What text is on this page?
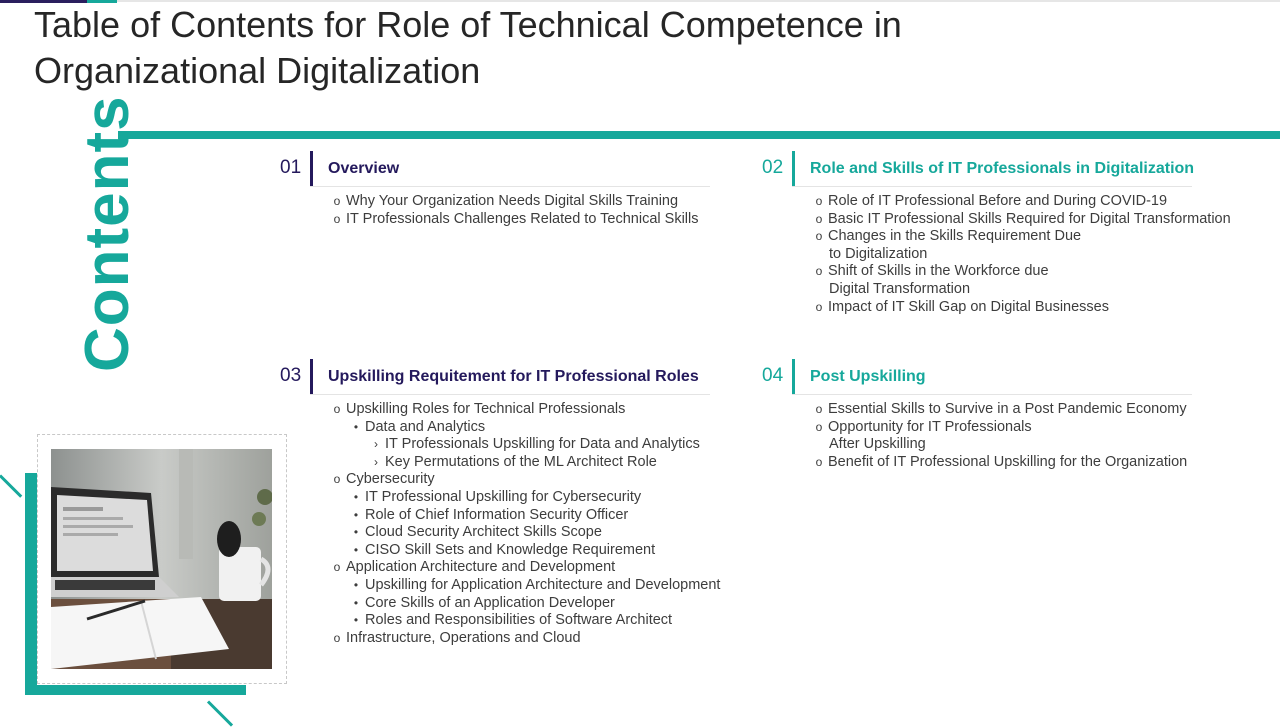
Table of Contents for Role of Technical Competence in Organizational Digitalization
Contents	01 Overview
o Why Your Organization Needs Digital Skills Training
o IT Professionals Challenges Related to Technical Skills
02 Role and Skills of IT Professionals in Digitalization
o Role of IT Professional Before and During COVID-19
o Basic IT Professional Skills Required for Digital Transformation
o Changes in the Skills Requirement Due
to Digitalization
o Shift of Skills in the Workforce due
Digital Transformation
o Impact of IT Skill Gap on Digital Businesses
03 Upskilling Requitement for IT Professional Roles
o Upskilling Roles for Technical Professionals
• Data and Analytics
› IT Professionals Upskilling for Data and Analytics
› Key Permutations of the ML Architect Role
o Cybersecurity
• IT Professional Upskilling for Cybersecurity
• Role of Chief Information Security Officer
• Cloud Security Architect Skills Scope
• CISO Skill Sets and Knowledge Requirement
o Application Architecture and Development
• Upskilling for Application Architecture and Development
• Core Skills of an Application Developer
• Roles and Responsibilities of Software Architect
o Infrastructure, Operations and Cloud
04 Post Upskilling
o Essential Skills to Survive in a Post Pandemic Economy
o Opportunity for IT Professionals
After Upskilling
o Benefit of IT Professional Upskilling for the Organization
